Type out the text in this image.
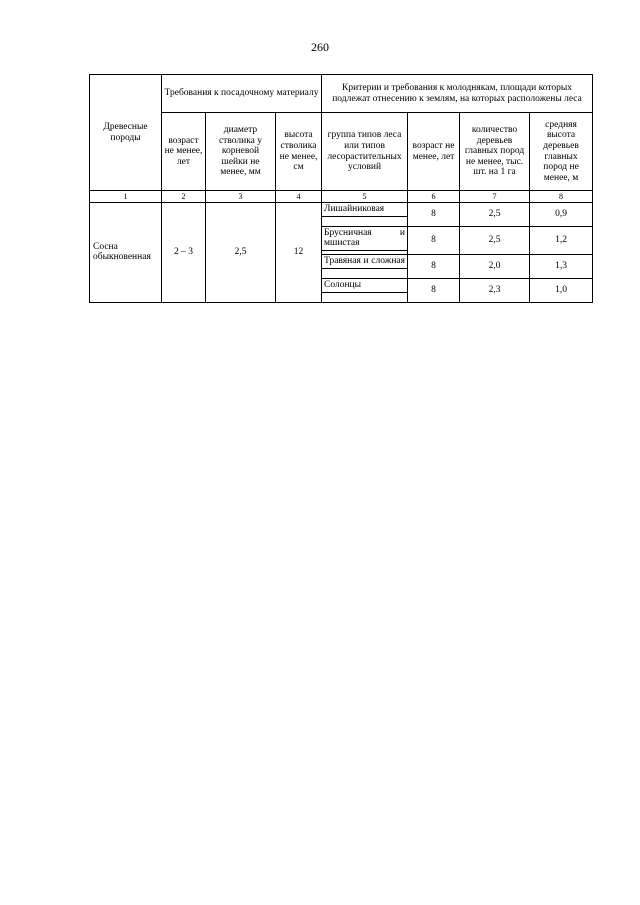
260
Древесные породы	Требования к посадочному материалу			Критерии и требования к молоднякам, площади которых подлежат отнесению к землям, на которых расположены леса			
	возраст не менее, лет	диаметр стволика у корневой шейки не менее, мм	высота стволика не менее, см	группа типов леса или типов лесорастительных условий	возраст не менее, лет	количество деревьев главных пород не менее, тыс. шт. на 1 га	средняя высота деревьев главных пород не менее, м
1	2	3	4	5	6	7	8
Сосна обыкновенная	2 – 3	2,5	12	Лишайниковая	8	2,5	0,9

				Брусничная и мшистая	8	2,5	1,2

				Травяная и сложная	8	2,0	1,3

				Солонцы	8	2,3	1,0
